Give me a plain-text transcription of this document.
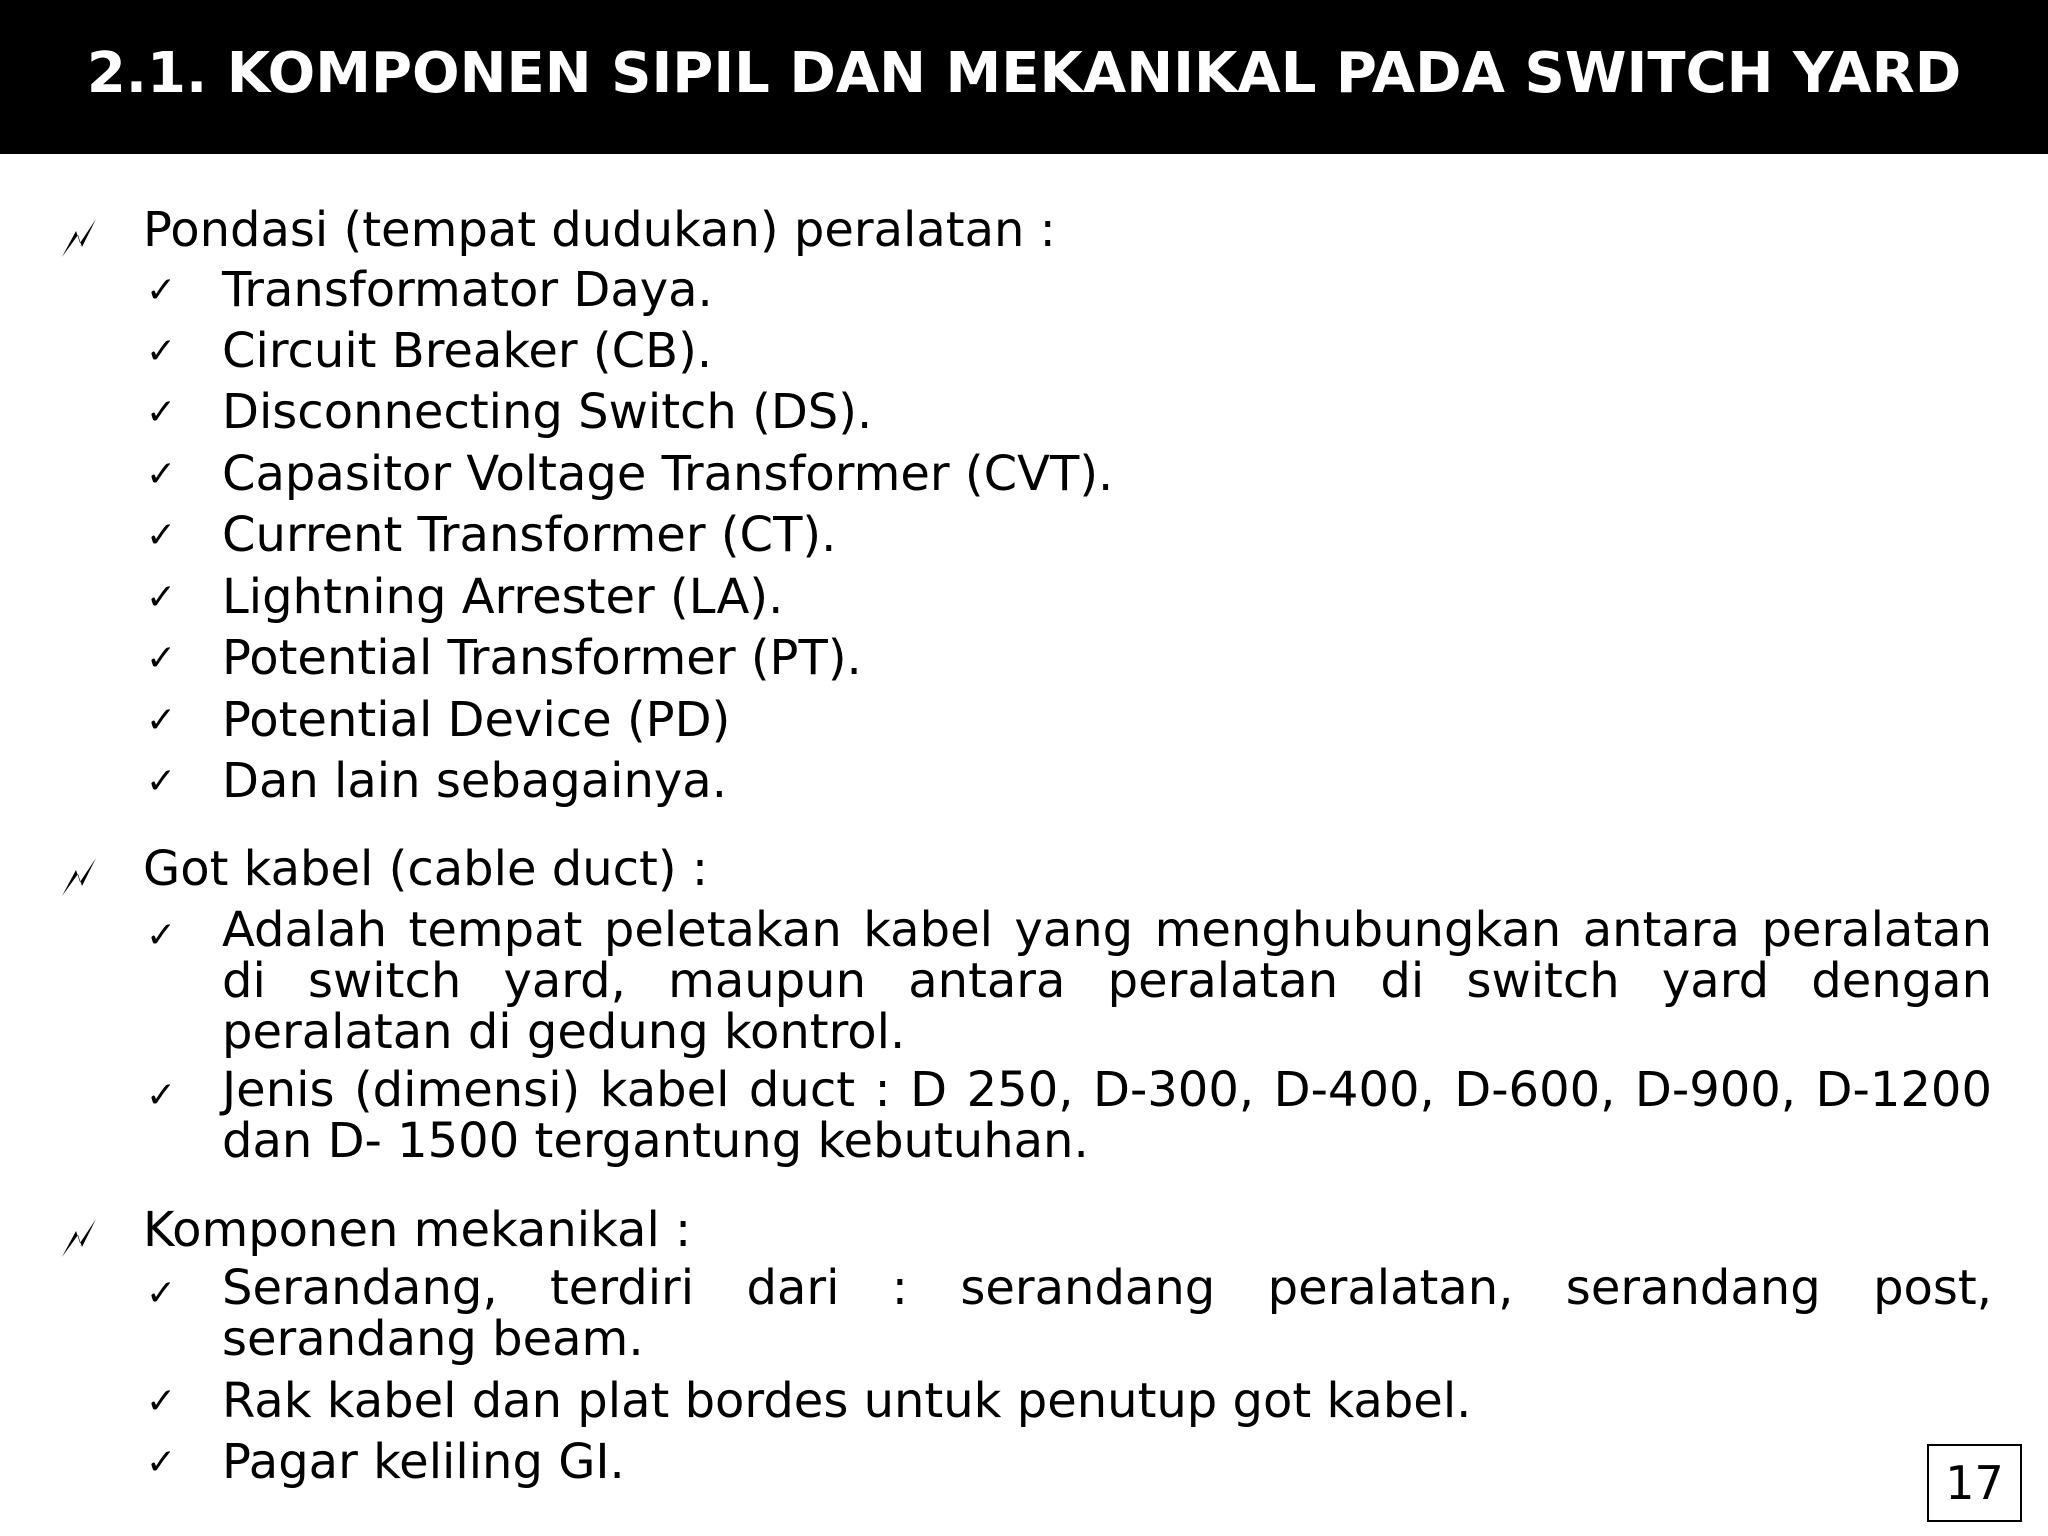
2.1. KOMPONEN SIPIL DAN MEKANIKAL PADA SWITCH YARD
Pondasi (tempat dudukan) peralatan :
✓ Transformator Daya.
✓ Circuit Breaker (CB).
✓ Disconnecting Switch (DS).
✓ Capasitor Voltage Transformer (CVT).
✓ Current Transformer (CT).
✓ Lightning Arrester (LA).
✓ Potential Transformer (PT).
✓ Potential Device (PD)
✓ Dan lain sebagainya.
Got kabel (cable duct) :
✓ Adalah tempat peletakan kabel yang menghubungkan antara peralatan di switch yard, maupun antara peralatan di switch yard dengan peralatan di gedung kontrol.
✓ Jenis (dimensi) kabel duct : D 250, D-300, D-400, D-600, D-900, D-1200 dan D- 1500 tergantung kebutuhan.
Komponen mekanikal :
✓ Serandang, terdiri dari : serandang peralatan, serandang post, serandang beam.
✓ Rak kabel dan plat bordes untuk penutup got kabel.
✓ Pagar keliling GI.	17
